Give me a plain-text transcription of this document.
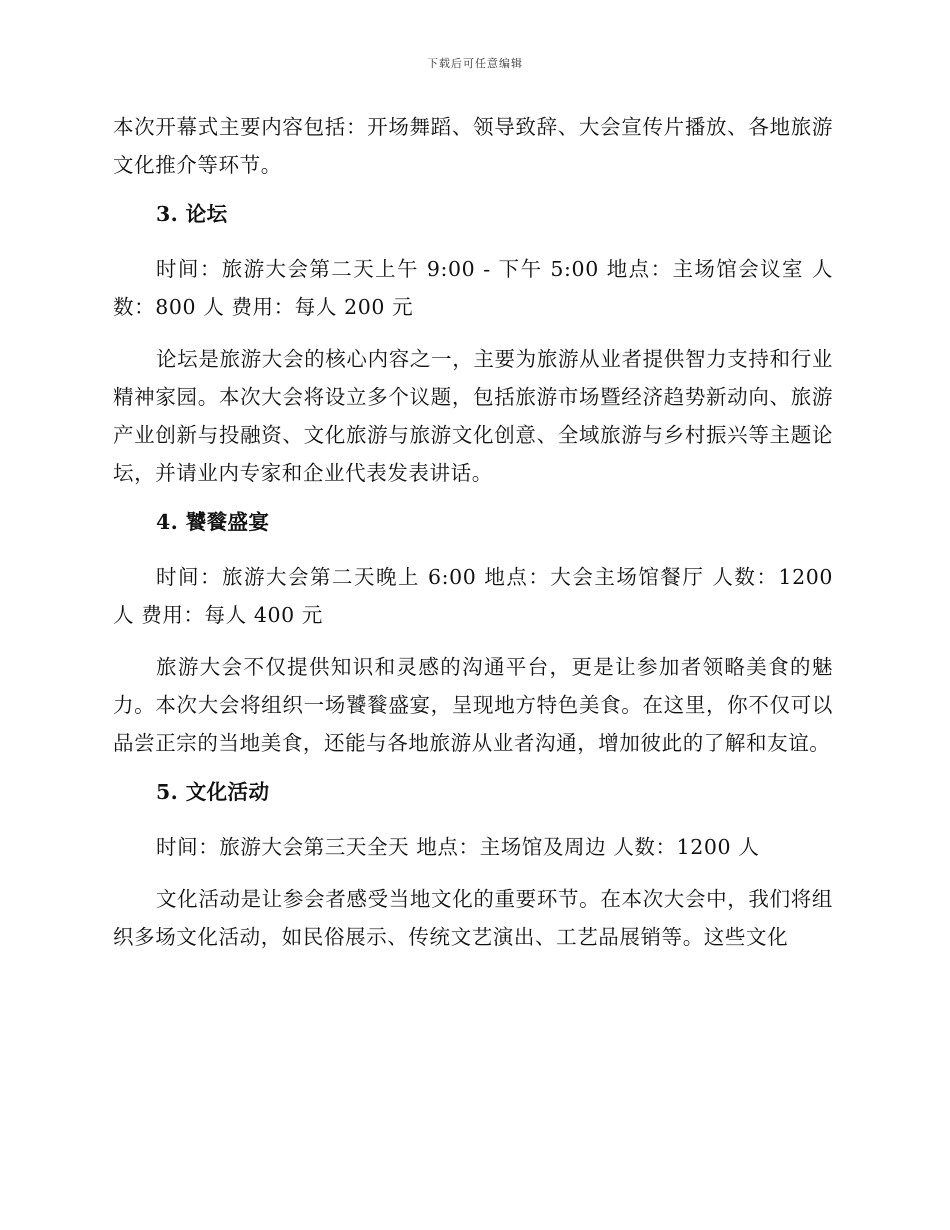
下载后可任意编辑

本次开幕式主要内容包括：开场舞蹈、领导致辞、大会宣传片播放、各地旅游文化推介等环节。

3. 论坛

时间：旅游大会第二天上午 9:00 - 下午 5:00 地点：主场馆会议室 人数：800 人 费用：每人 200 元

论坛是旅游大会的核心内容之一，主要为旅游从业者提供智力支持和行业精神家园。本次大会将设立多个议题，包括旅游市场暨经济趋势新动向、旅游产业创新与投融资、文化旅游与旅游文化创意、全域旅游与乡村振兴等主题论坛，并请业内专家和企业代表发表讲话。

4. 饕餮盛宴

时间：旅游大会第二天晚上 6:00 地点：大会主场馆餐厅 人数：1200 人 费用：每人 400 元

旅游大会不仅提供知识和灵感的沟通平台，更是让参加者领略美食的魅力。本次大会将组织一场饕餮盛宴，呈现地方特色美食。在这里，你不仅可以品尝正宗的当地美食，还能与各地旅游从业者沟通，增加彼此的了解和友谊。

5. 文化活动

时间：旅游大会第三天全天 地点：主场馆及周边 人数：1200 人

文化活动是让参会者感受当地文化的重要环节。在本次大会中，我们将组织多场文化活动，如民俗展示、传统文艺演出、工艺品展销等。这些文化
